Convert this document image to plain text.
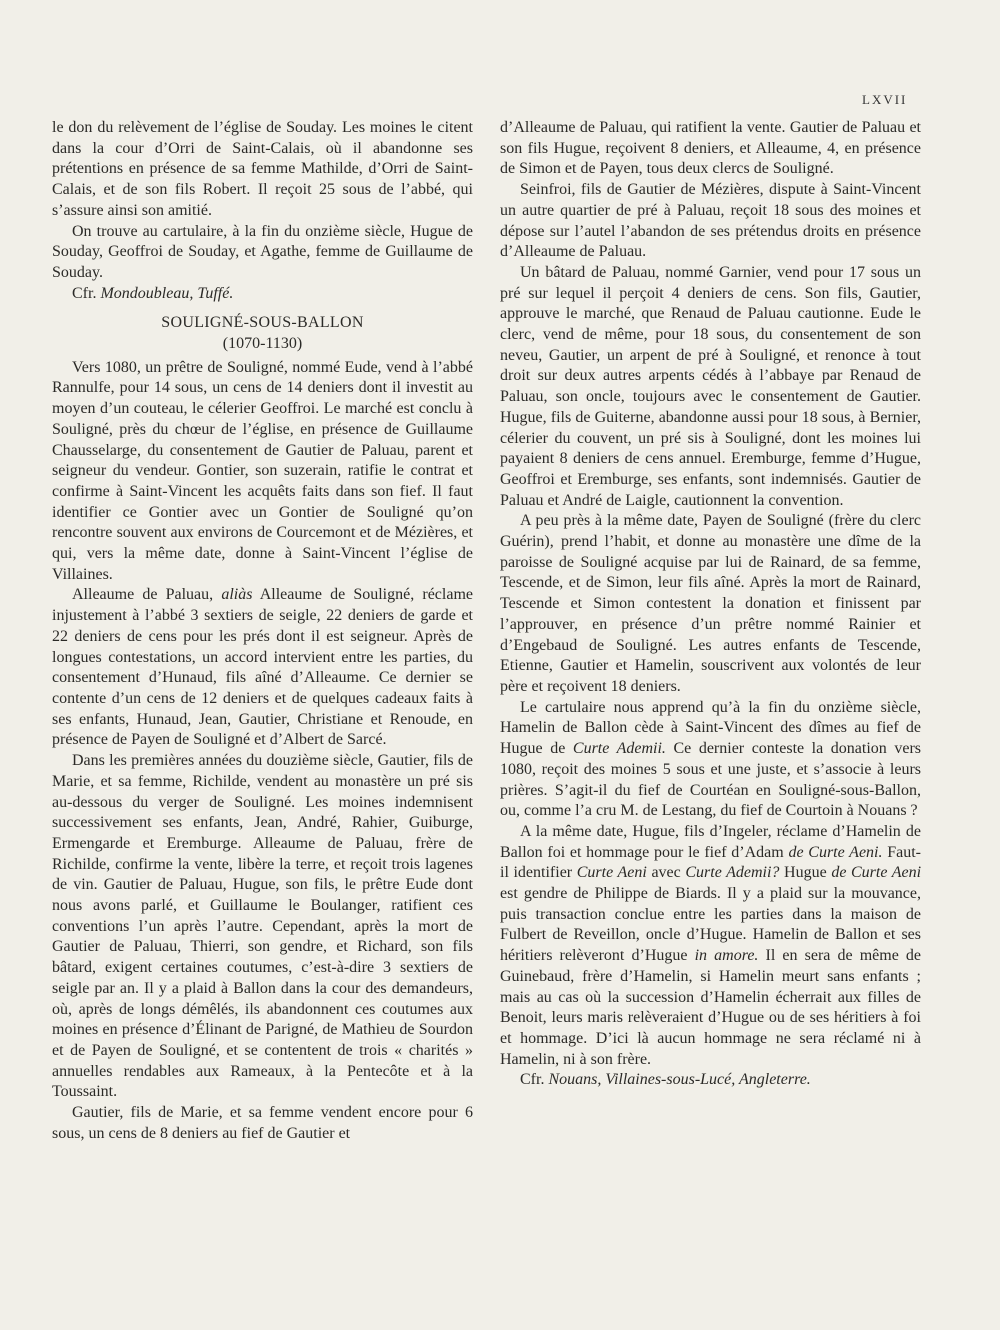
LXVII

le don du relèvement de l’église de Souday. Les moines le citent dans la cour d’Orri de Saint-Calais, où il abandonne ses prétentions en présence de sa femme Mathilde, d’Orri de Saint-Calais, et de son fils Robert. Il reçoit 25 sous de l’abbé, qui s’assure ainsi son amitié.

On trouve au cartulaire, à la fin du onzième siècle, Hugue de Souday, Geoffroi de Souday, et Agathe, femme de Guillaume de Souday.

Cfr. Mondoubleau, Tuffé.

SOULIGNÉ-SOUS-BALLON

(1070-1130)

Vers 1080, un prêtre de Souligné, nommé Eude, vend à l’abbé Rannulfe, pour 14 sous, un cens de 14 deniers dont il investit au moyen d’un couteau, le célerier Geoffroi. Le marché est conclu à Souligné, près du chœur de l’église, en présence de Guillaume Chausselargе, du consentement de Gautier de Paluau, parent et seigneur du vendeur. Gontier, son suzerain, ratifie le contrat et confirme à Saint-Vincent les acquêts faits dans son fief. Il faut identifier ce Gontier avec un Gontier de Souligné qu’on rencontre souvent aux environs de Courcemont et de Mézières, et qui, vers la même date, donne à Saint-Vincent l’église de Villaines.

Alleaume de Paluau, aliàs Alleaume de Souligné, réclame injustement à l’abbé 3 sextiers de seigle, 22 deniers de garde et 22 deniers de cens pour les prés dont il est seigneur. Après de longues contestations, un accord intervient entre les parties, du consentement d’Hunaud, fils aîné d’Alleaume. Ce dernier se contente d’un cens de 12 deniers et de quelques cadeaux faits à ses enfants, Hunaud, Jean, Gautier, Christiane et Renoude, en présence de Payen de Souligné et d’Albert de Sarcé.

Dans les premières années du douzième siècle, Gautier, fils de Marie, et sa femme, Richilde, vendent au monastère un pré sis au-dessous du verger de Souligné. Les moines indemnisent successivement ses enfants, Jean, André, Rahier, Guiburge, Ermengarde et Eremburge. Alleaume de Paluau, frère de Richilde, confirme la vente, libère la terre, et reçoit trois lagenes de vin. Gautier de Paluau, Hugue, son fils, le prêtre Eude dont nous avons parlé, et Guillaume le Boulanger, ratifient ces conventions l’un après l’autre. Cependant, après la mort de Gautier de Paluau, Thierri, son gendre, et Richard, son fils bâtard, exigent certaines coutumes, c’est-à-dire 3 sextiers de seigle par an. Il y a plaid à Ballon dans la cour des demandeurs, où, après de longs démêlés, ils abandonnent ces coutumes aux moines en présence d’Élinant de Parigné, de Mathieu de Sourdon et de Payen de Souligné, et se contentent de trois « charités » annuelles rendables aux Rameaux, à la Pentecôte et à la Toussaint.

Gautier, fils de Marie, et sa femme vendent encore pour 6 sous, un cens de 8 deniers au fief de Gautier et

d’Alleaume de Paluau, qui ratifient la vente. Gautier de Paluau et son fils Hugue, reçoivent 8 deniers, et Alleaume, 4, en présence de Simon et de Payen, tous deux clercs de Souligné.

Seinfroi, fils de Gautier de Mézières, dispute à Saint-Vincent un autre quartier de pré à Paluau, reçoit 18 sous des moines et dépose sur l’autel l’abandon de ses prétendus droits en présence d’Alleaume de Paluau.

Un bâtard de Paluau, nommé Garnier, vend pour 17 sous un pré sur lequel il perçoit 4 deniers de cens. Son fils, Gautier, approuve le marché, que Renaud de Paluau cautionne. Eude le clerc, vend de même, pour 18 sous, du consentement de son neveu, Gautier, un arpent de pré à Souligné, et renonce à tout droit sur deux autres arpents cédés à l’abbaye par Renaud de Paluau, son oncle, toujours avec le consentement de Gautier. Hugue, fils de Guiterne, abandonne aussi pour 18 sous, à Bernier, célerier du couvent, un pré sis à Souligné, dont les moines lui payaient 8 deniers de cens annuel. Eremburge, femme d’Hugue, Geoffroi et Eremburge, ses enfants, sont indemnisés. Gautier de Paluau et André de Laigle, cautionnent la convention.

A peu près à la même date, Payen de Souligné (frère du clerc Guérin), prend l’habit, et donne au monastère une dîme de la paroisse de Souligné acquise par lui de Rainard, de sa femme, Tescende, et de Simon, leur fils aîné. Après la mort de Rainard, Tescende et Simon contestent la donation et finissent par l’approuver, en présence d’un prêtre nommé Rainier et d’Engebaud de Souligné. Les autres enfants de Tescende, Etienne, Gautier et Hamelin, souscrivent aux volontés de leur père et reçoivent 18 deniers.

Le cartulaire nous apprend qu’à la fin du onzième siècle, Hamelin de Ballon cède à Saint-Vincent des dîmes au fief de Hugue de Curte Ademii. Ce dernier conteste la donation vers 1080, reçoit des moines 5 sous et une juste, et s’associe à leurs prières. S’agit-il du fief de Courtéan en Souligné-sous-Ballon, ou, comme l’a cru M. de Lestang, du fief de Courtoin à Nouans ?

A la même date, Hugue, fils d’Ingeler, réclame d’Hamelin de Ballon foi et hommage pour le fief d’Adam de Curte Aeni. Faut-il identifier Curte Aeni avec Curte Ademii? Hugue de Curte Aeni est gendre de Philippe de Biards. Il y a plaid sur la mouvance, puis transaction conclue entre les parties dans la maison de Fulbert de Reveillon, oncle d’Hugue. Hamelin de Ballon et ses héritiers relèveront d’Hugue in amore. Il en sera de même de Guinebaud, frère d’Hamelin, si Hamelin meurt sans enfants ; mais au cas où la succession d’Hamelin écherrait aux filles de Benoit, leurs maris relèveraient d’Hugue ou de ses héritiers à foi et hommage. D’ici là aucun hommage ne sera réclamé ni à Hamelin, ni à son frère.

Cfr. Nouans, Villaines-sous-Lucé, Angleterre.
